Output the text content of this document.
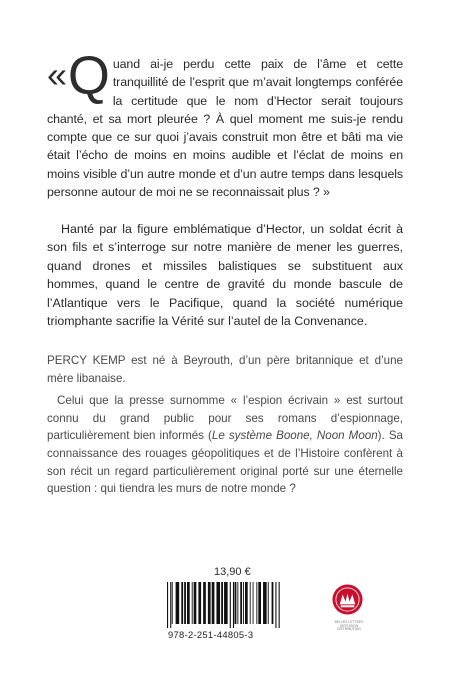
« Q uand ai-je perdu cette paix de l’âme et cette tranquillité de l’esprit que m’avait longtemps conférée la certitude que le nom d’Hector serait toujours chanté, et sa mort pleurée ? À quel moment me suis-je rendu compte que ce sur quoi j’avais construit mon être et bâti ma vie était l’écho de moins en moins audible et l’éclat de moins en moins visible d’un autre monde et d’un autre temps dans lesquels personne autour de moi ne se reconnaissait plus ? »
Hanté par la figure emblématique d’Hector, un soldat écrit à son fils et s’interroge sur notre manière de mener les guerres, quand drones et missiles balistiques se substituent aux hommes, quand le centre de gravité du monde bascule de l’Atlantique vers le Pacifique, quand la société numérique triomphante sacrifie la Vérité sur l’autel de la Convenance.

PERCY KEMP est né à Beyrouth, d’un père britannique et d’une mère libanaise.

Celui que la presse surnomme « l’espion écrivain » est surtout connu du grand public pour ses romans d’espionnage, particulièrement bien informés (Le système Boone, Noon Moon). Sa connaissance des rouages géopolitiques et de l’Histoire confèrent à son récit un regard particulièrement original porté sur une éternelle question : qui tiendra les murs de notre monde ?

13,90 €
978-2-251-44805-3
BELLES LETTRES DIFFUSION DISTRIBUTION
